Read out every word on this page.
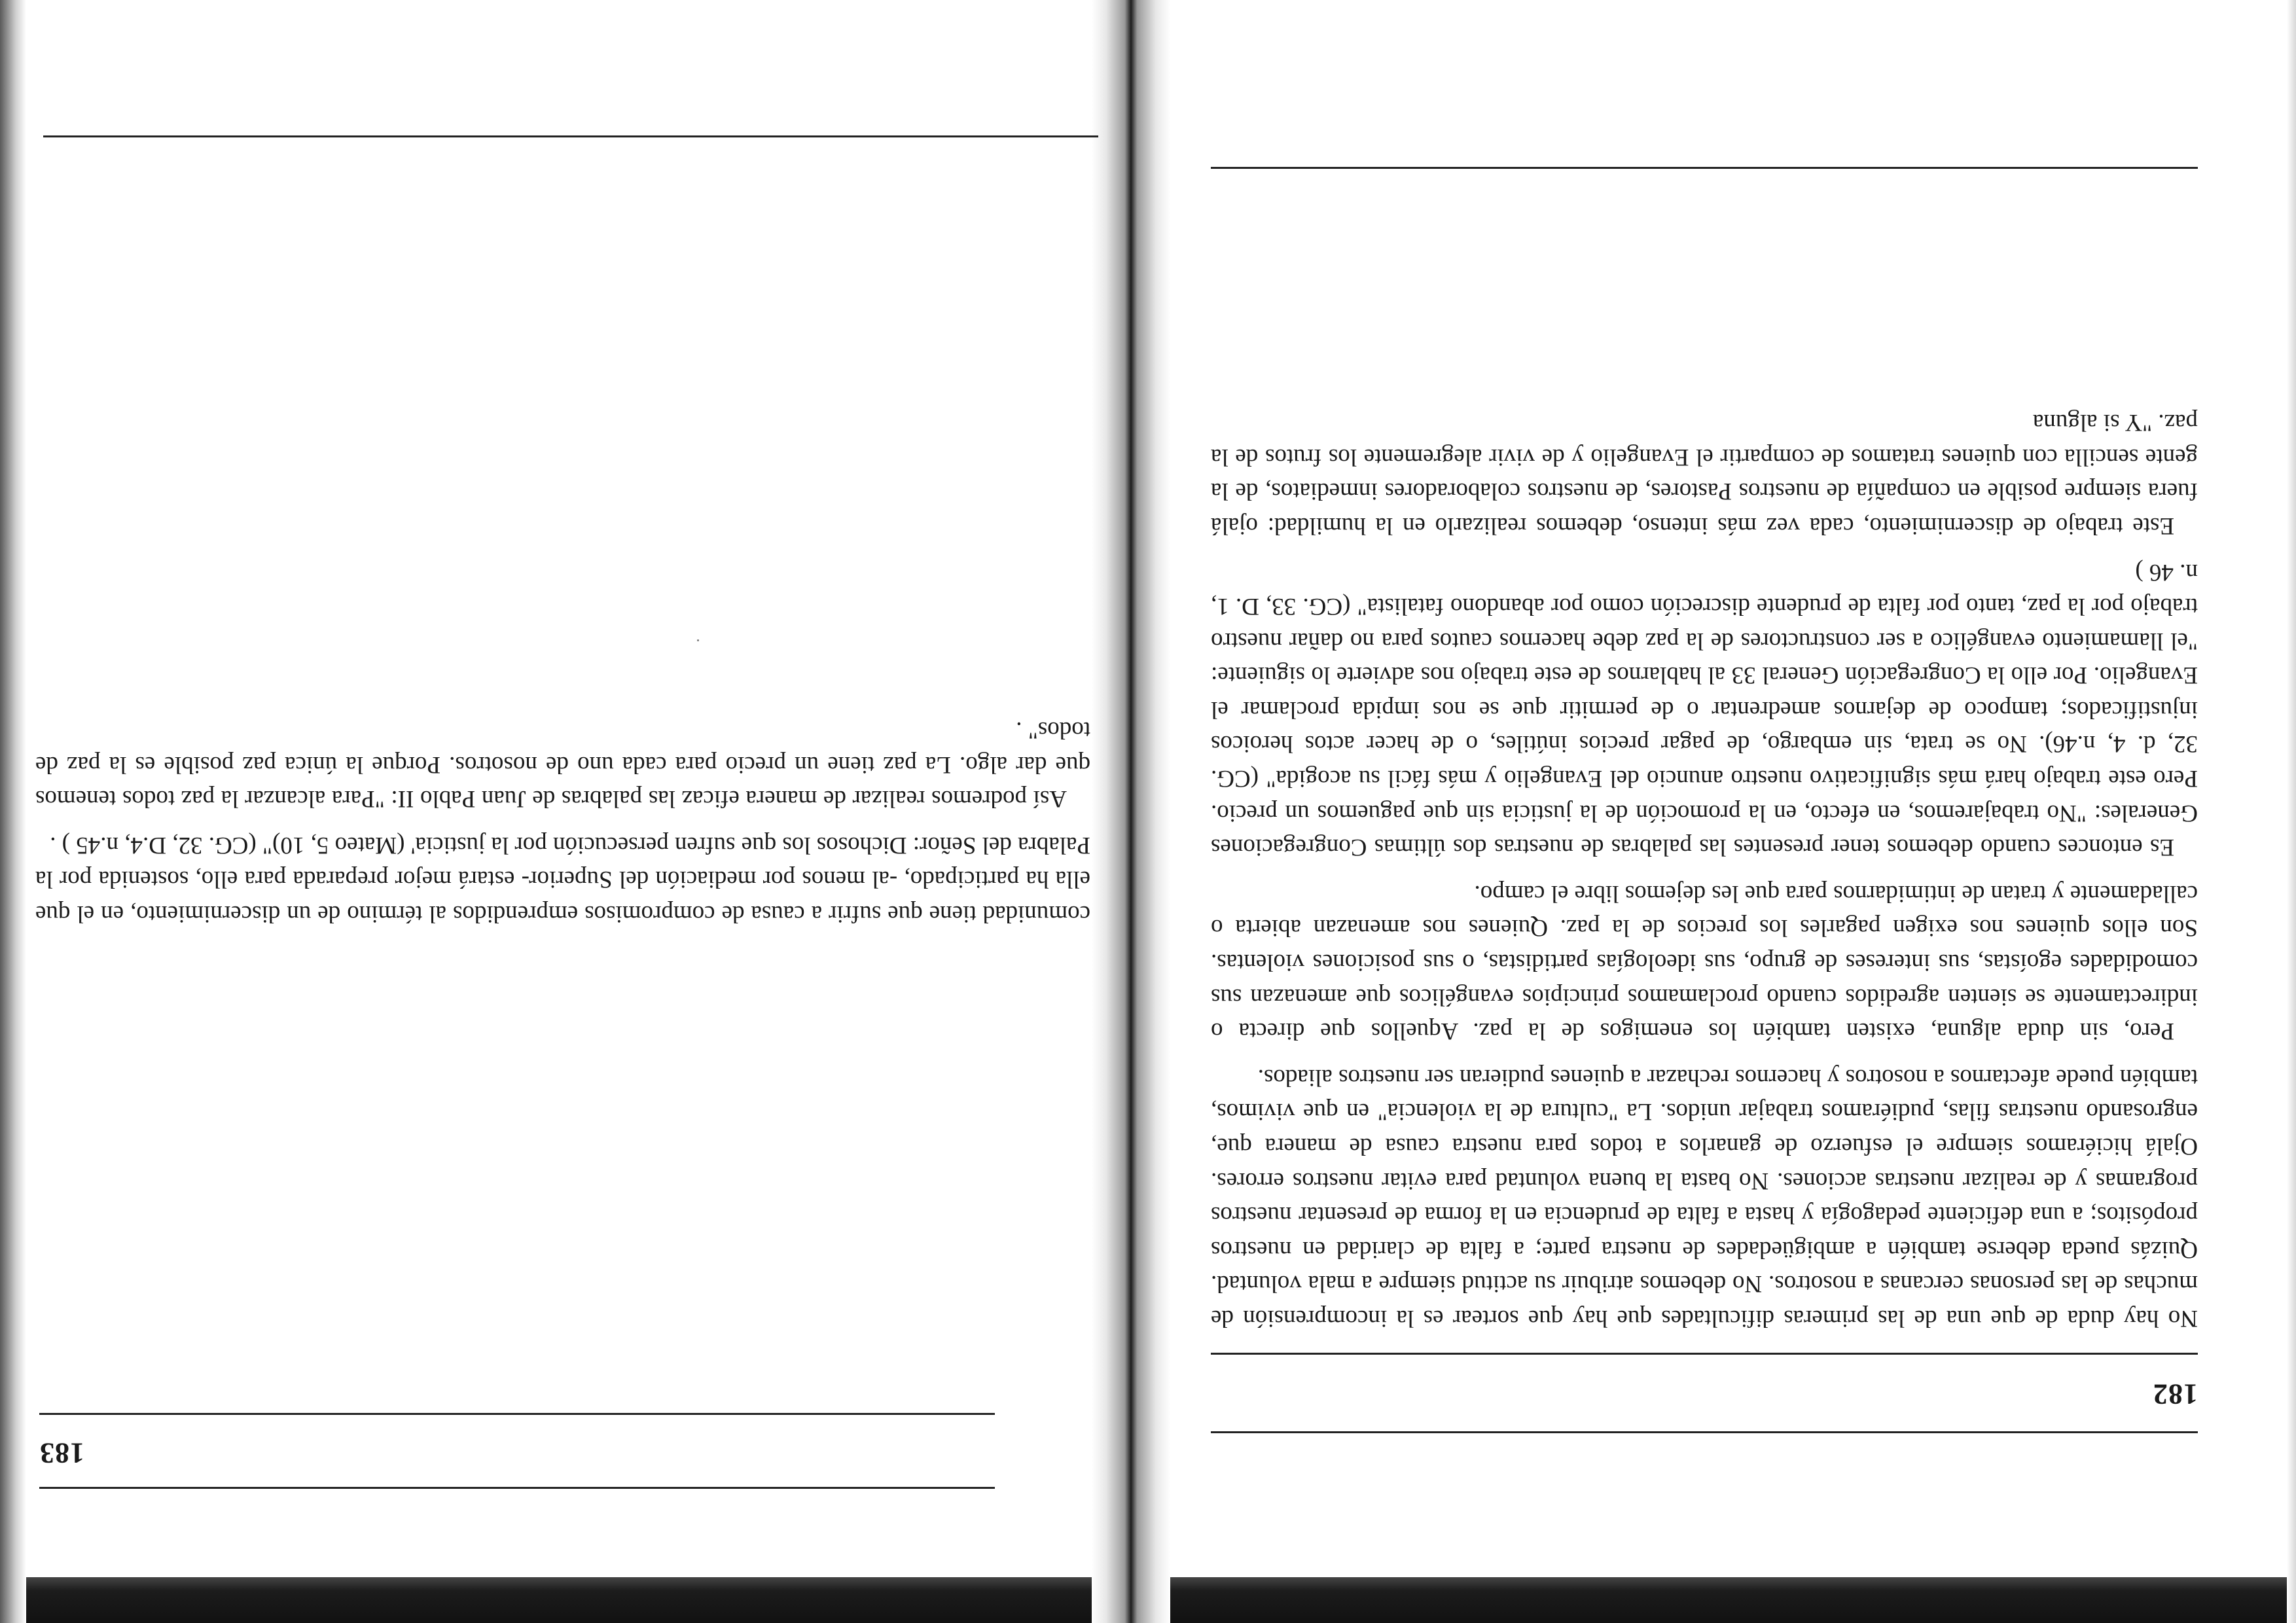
182

No hay duda de que una de las primeras dificultades que hay que sortear es la incomprensión de muchas de las personas cercanas a nosotros. No debemos atribuir su actitud siempre a mala voluntad. Quizás pueda deberse también a ambigüedades de nuestra parte; a falta de claridad en nuestros propósitos; a una deficiente pedagogía y hasta a falta de prudencia en la forma de presentar nuestros programas y de realizar nuestras acciones. No basta la buena voluntad para evitar nuestros errores. Ojalá hiciéramos siempre el esfuerzo de ganarlos a todos para nuestra causa de manera que, engrosando nuestras filas, pudiéramos trabajar unidos. La "cultura de la violencia" en que vivimos, también puede afectarnos a nosotros y hacernos rechazar a quienes pudieran ser nuestros aliados.

Pero, sin duda alguna, existen también los enemigos de la paz. Aquellos que directa o indirectamente se sienten agredidos cuando proclamamos principios evangélicos que amenazan sus comodidades egoístas, sus intereses de grupo, sus ideologías partidistas, o sus posiciones violentas. Son ellos quienes nos exigen pagarles los precios de la paz. Quienes nos amenazan abierta o calladamente y tratan de intimidarnos para que les dejemos libre el campo.

Es entonces cuando debemos tener presentes las palabras de nuestras dos últimas Congregaciones Generales: "No trabajaremos, en efecto, en la promoción de la justicia sin que paguemos un precio. Pero este trabajo hará más significativo nuestro anuncio del Evangelio y más fácil su acogida" (CG. 32, d. 4, n.46). No se trata, sin embargo, de pagar precios inútiles, o de hacer actos heroicos injustificados; tampoco de dejarnos amedrentar o de permitir que se nos impida proclamar el Evangelio. Por ello la Congregación General 33 al hablarnos de este trabajo nos advierte lo siguiente: "el llamamiento evangélico a ser constructores de la paz debe hacernos cautos para no dañar nuestro trabajo por la paz, tanto por falta de prudente discreción como por abandono fatalista" (CG. 33, D. 1, n. 46 )

Este trabajo de discernimiento, cada vez más intenso, debemos realizarlo en la humildad: ojalá fuera siempre posible en compañía de nuestros Pastores, de nuestros colaboradores inmediatos, de la gente sencilla con quienes tratamos de compartir el Evangelio y de vivir alegremente los frutos de la paz. "Y si alguna

183

comunidad tiene que sufrir a causa de compromisos emprendidos al término de un discernimiento, en el que ella ha participado, -al menos por mediación del Superior- estará mejor preparada para ello, sostenida por la Palabra del Señor: Dichosos los que sufren persecución por la justicia' (Mateo 5, 10)" (CG. 32, D.4, n.45 ) .

Así podremos realizar de manera eficaz las palabras de Juan Pablo II: "Para alcanzar la paz todos tenemos que dar algo. La paz tiene un precio para cada uno de nosotros. Porque la única paz posible es la paz de todos" .
